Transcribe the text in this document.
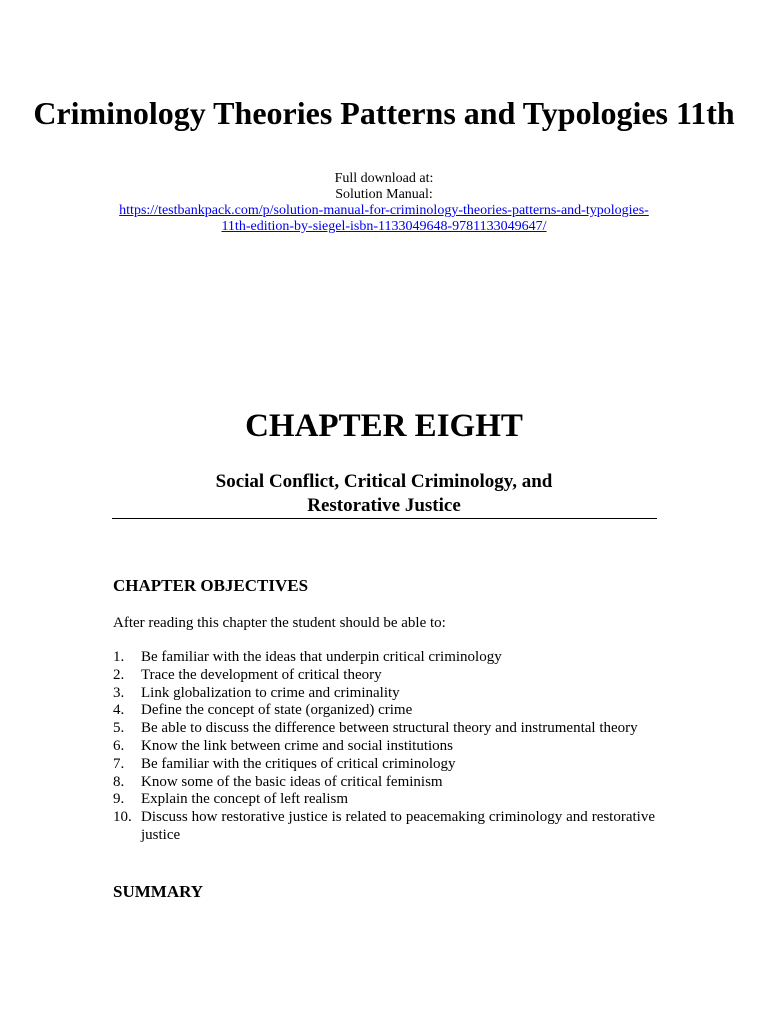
Criminology Theories Patterns and Typologies 11th
Full download at:
Solution Manual:
https://testbankpack.com/p/solution-manual-for-criminology-theories-patterns-and-typologies-
11th-edition-by-siegel-isbn-1133049648-9781133049647/
CHAPTER EIGHT
Social Conflict, Critical Criminology, and
Restorative Justice
CHAPTER OBJECTIVES
After reading this chapter the student should be able to:
1.	Be familiar with the ideas that underpin critical criminology
2.	Trace the development of critical theory
3.	Link globalization to crime and criminality
4.	Define the concept of state (organized) crime
5.	Be able to discuss the difference between structural theory and instrumental theory
6.	Know the link between crime and social institutions
7.	Be familiar with the critiques of critical criminology
8.	Know some of the basic ideas of critical feminism
9.	Explain the concept of left realism
10. Discuss how restorative justice is related to peacemaking criminology and restorative justice
SUMMARY
